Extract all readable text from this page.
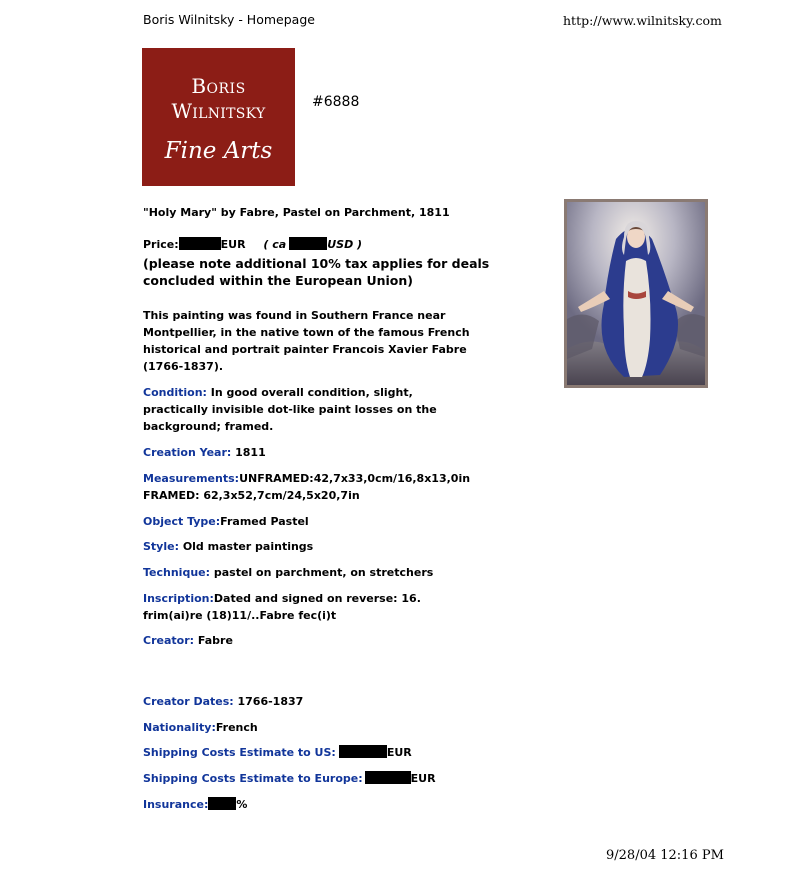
Boris Wilnitsky - Homepage	http://www.wilnitsky.com
Boris
Wilnitsky
Fine Arts
#6888
"Holy Mary" by Fabre, Pastel on Parchment, 1811
Price:	EUR ( ca	USD )
(please note additional 10% tax applies for deals
concluded within the European Union)
This painting was found in Southern France near
Montpellier, in the native town of the famous French
historical and portrait painter Francois Xavier Fabre
(1766-1837).
Condition: In good overall condition, slight,
practically invisible dot-like paint losses on the
background; framed.
Creation Year: 1811
Measurements:UNFRAMED:42,7x33,0cm/16,8x13,0in
FRAMED: 62,3x52,7cm/24,5x20,7in
Object Type:Framed Pastel
Style: Old master paintings
Technique: pastel on parchment, on stretchers
Inscription:Dated and signed on reverse: 16.
frim(ai)re (18)11/..Fabre fec(i)t
Creator: Fabre
Creator Dates: 1766-1837
Nationality:French
Shipping Costs Estimate to US:	EUR
Shipping Costs Estimate to Europe:	EUR
Insurance:	%
9/28/04 12:16 PM
